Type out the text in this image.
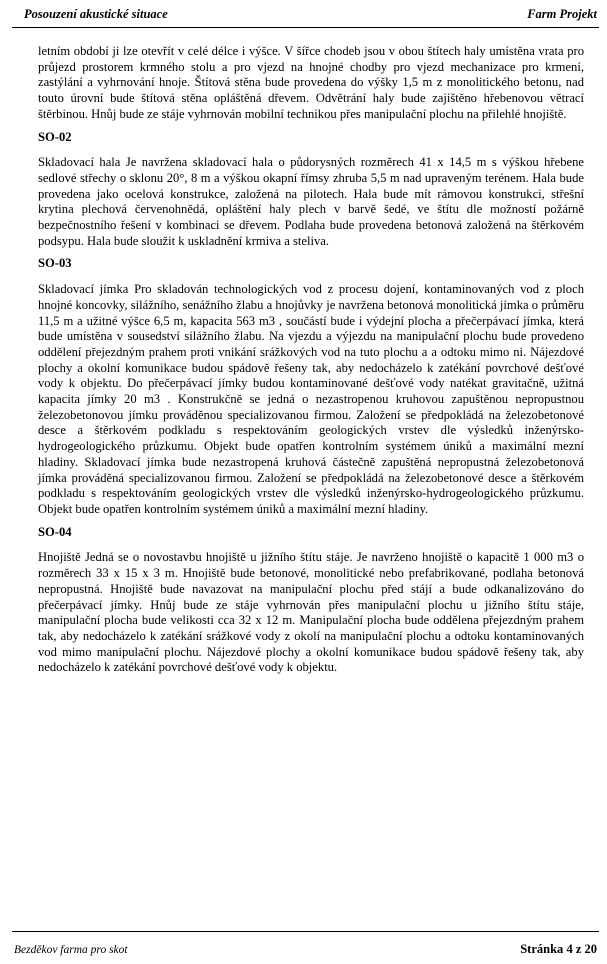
Posouzení akustické situace	Farm Projekt

letním období ji lze otevřít v celé délce i výšce. V šířce chodeb jsou v obou štítech haly umístěna vrata pro průjezd prostorem krmného stolu a pro vjezd na hnojné chodby pro vjezd mechanizace pro krmení, zastýlání a vyhrnování hnoje. Štítová stěna bude provedena do výšky 1,5 m z monolitického betonu, nad touto úrovní bude štítová stěna opláštěná dřevem. Odvětrání haly bude zajištěno hřebenovou větrací štěrbinou. Hnůj bude ze stáje vyhrnován mobilní technikou přes manipulační plochu na přilehlé hnojiště.

SO-02

Skladovací hala Je navržena skladovací hala o půdorysných rozměrech 41 x 14,5 m s výškou hřebene sedlové střechy o sklonu 20°, 8 m a výškou okapní římsy zhruba 5,5 m nad upraveným terénem. Hala bude provedena jako ocelová konstrukce, založená na pilotech. Hala bude mít rámovou konstrukci, střešní krytina plechová červenohnědá, opláštění haly plech v barvě šedé, ve štítu dle možností požárně bezpečnostního řešení v kombinaci se dřevem. Podlaha bude provedena betonová založená na štěrkovém podsypu. Hala bude sloužit k uskladnění krmiva a steliva.

SO-03

Skladovací jímka Pro skladován technologických vod z procesu dojení, kontaminovaných vod z ploch hnojné koncovky, silážního, senážního žlabu a hnojůvky je navržena betonová monolitická jímka o průměru 11,5 m a užitné výšce 6,5 m, kapacita 563 m3 , součástí bude i výdejní plocha a přečerpávací jímka, která bude umístěna v sousedství silážního žlabu. Na vjezdu a výjezdu na manipulační plochu bude provedeno oddělení přejezdným prahem proti vnikání srážkových vod na tuto plochu a a odtoku mimo ni. Nájezdové plochy a okolní komunikace budou spádově řešeny tak, aby nedocházelo k zatékání povrchové dešťové vody k objektu. Do přečerpávací jímky budou kontaminované dešťové vody natékat gravitačně, užitná kapacita jímky 20 m3 . Konstrukčně se jedná o nezastropenou kruhovou zapuštěnou nepropustnou železobetonovou jímku prováděnou specializovanou firmou. Založení se předpokládá na železobetonové desce a štěrkovém podkladu s respektováním geologických vrstev dle výsledků inženýrsko-hydrogeologického průzkumu. Objekt bude opatřen kontrolním systémem úniků a maximální mezní hladiny. Skladovací jímka bude nezastropená kruhová částečně zapuštěná nepropustná železobetonová jímka prováděná specializovanou firmou. Založení se předpokládá na železobetonové desce a štěrkovém podkladu s respektováním geologických vrstev dle výsledků inženýrsko-hydrogeologického průzkumu. Objekt bude opatřen kontrolním systémem úniků a maximální mezní hladiny.

SO-04

Hnojiště Jedná se o novostavbu hnojiště u jižního štítu stáje. Je navrženo hnojiště o kapacitě 1 000 m3 o rozměrech 33 x 15 x 3 m. Hnojiště bude betonové, monolitické nebo prefabrikované, podlaha betonová nepropustná. Hnojiště bude navazovat na manipulační plochu před stájí a bude odkanalizováno do přečerpávací jímky. Hnůj bude ze stáje vyhrnován přes manipulační plochu u jižního štítu stáje, manipulační plocha bude velikosti cca 32 x 12 m. Manipulační plocha bude oddělena přejezdným prahem tak, aby nedocházelo k zatékání srážkové vody z okolí na manipulační plochu a odtoku kontaminovaných vod mimo manipulační plochu. Nájezdové plochy a okolní komunikace budou spádově řešeny tak, aby nedocházelo k zatékání povrchové dešťové vody k objektu.

Bezděkov farma pro skot	Stránka 4 z 20
